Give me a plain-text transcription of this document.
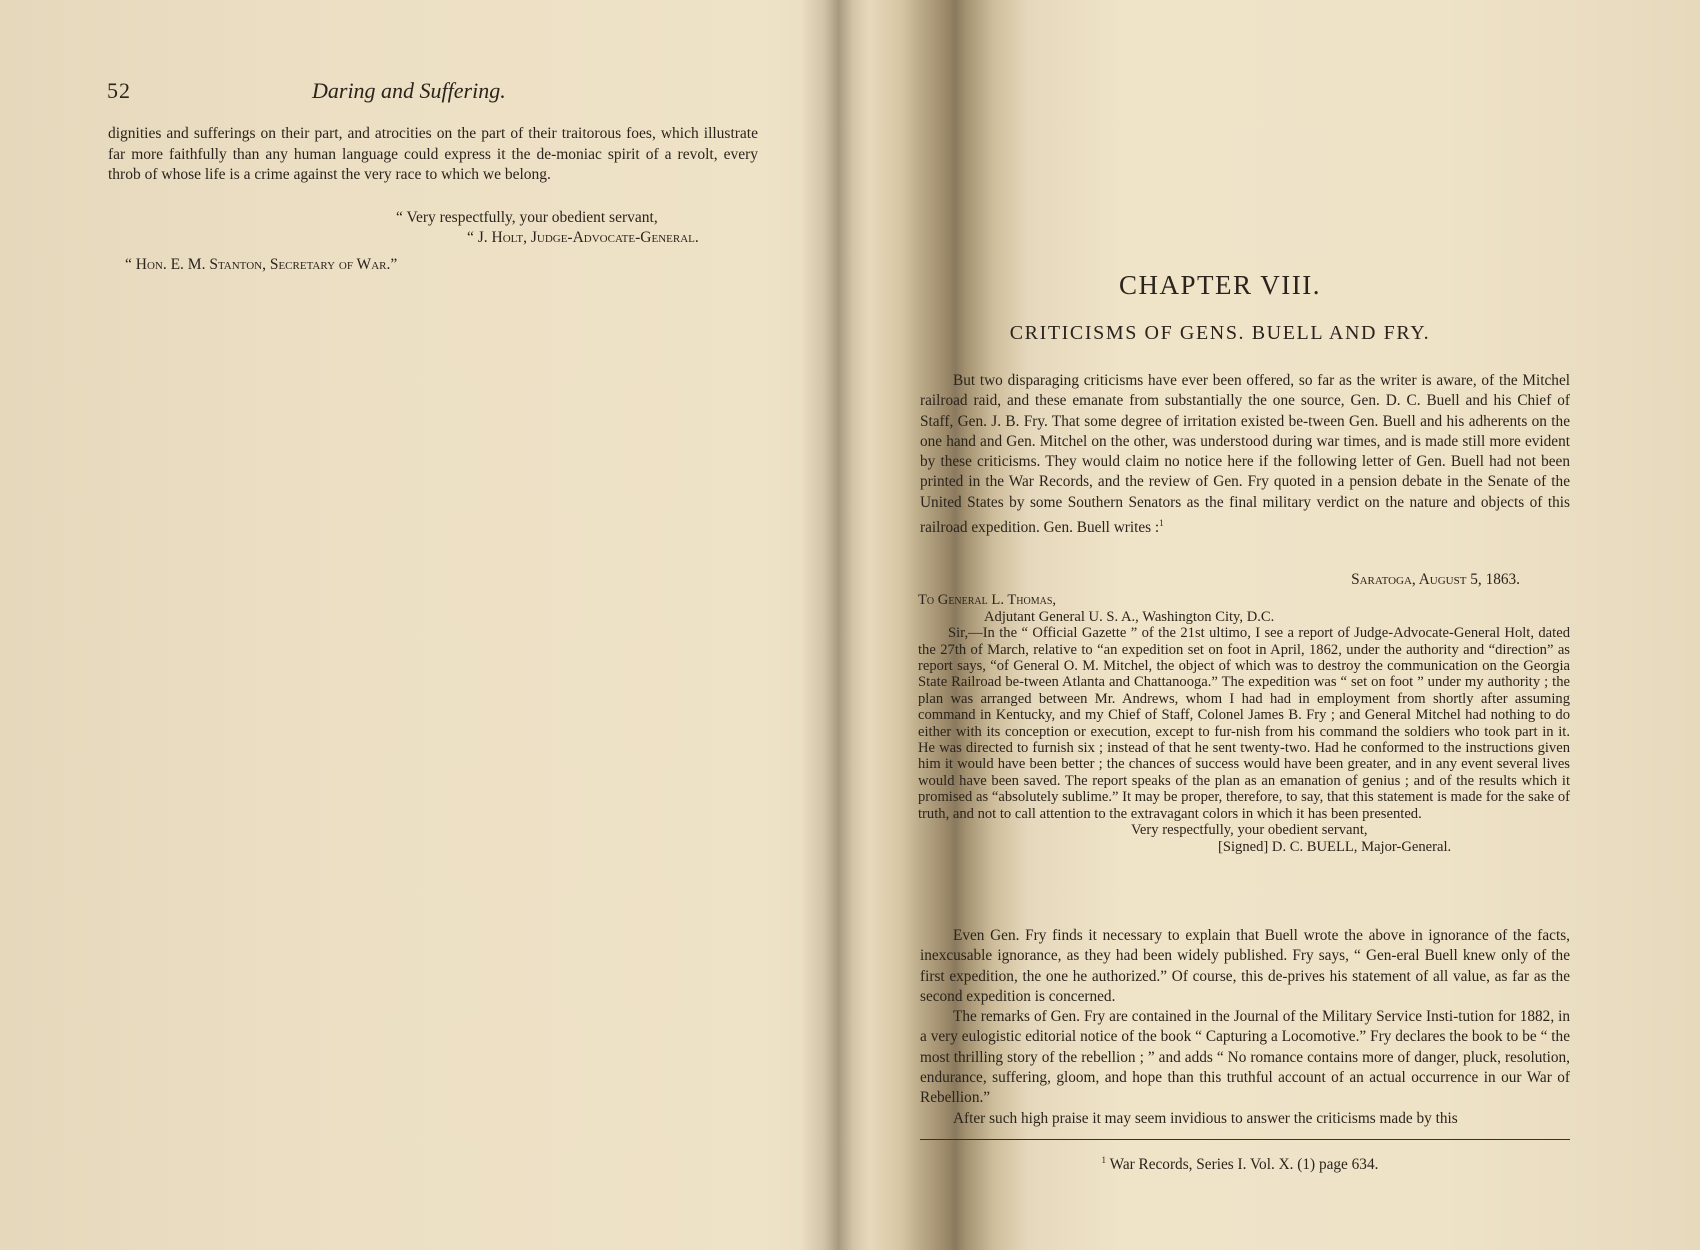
52	Daring and Suffering.

dignities and sufferings on their part, and atrocities on the part of their traitorous foes, which illustrate far more faithfully than any human language could express it the de-moniac spirit of a revolt, every throb of whose life is a crime against the very race to which we belong.

“ Very respectfully, your obedient servant,
“ J. Holt, Judge-Advocate-General.
“ Hon. E. M. Stanton, Secretary of War.”
CHAPTER VIII.
CRITICISMS OF GENS. BUELL AND FRY.

But two disparaging criticisms have ever been offered, so far as the writer is aware, of the Mitchel railroad raid, and these emanate from substantially the one source, Gen. D. C. Buell and his Chief of Staff, Gen. J. B. Fry. That some degree of irritation existed be-tween Gen. Buell and his adherents on the one hand and Gen. Mitchel on the other, was understood during war times, and is made still more evident by these criticisms. They would claim no notice here if the following letter of Gen. Buell had not been printed in the War Records, and the review of Gen. Fry quoted in a pension debate in the Senate of the United States by some Southern Senators as the final military verdict on the nature and objects of this railroad expedition. Gen. Buell writes :$^1$

Saratoga, August 5, 1863.

To General L. Thomas,

Adjutant General U. S. A., Washington City, D.C.

Sir,—In the “ Official Gazette ” of the 21st ultimo, I see a report of Judge-Advocate-General Holt, dated the 27th of March, relative to “an expedition set on foot in April, 1862, under the authority and “direction” as report says, “of General O. M. Mitchel, the object of which was to destroy the communication on the Georgia State Railroad be-tween Atlanta and Chattanooga.” The expedition was “ set on foot ” under my authority ; the plan was arranged between Mr. Andrews, whom I had had in employment from shortly after assuming command in Kentucky, and my Chief of Staff, Colonel James B. Fry ; and General Mitchel had nothing to do either with its conception or execution, except to fur-nish from his command the soldiers who took part in it. He was directed to furnish six ; instead of that he sent twenty-two. Had he conformed to the instructions given him it would have been better ; the chances of success would have been greater, and in any event several lives would have been saved. The report speaks of the plan as an emanation of genius ; and of the results which it promised as “absolutely sublime.” It may be proper, therefore, to say, that this statement is made for the sake of truth, and not to call attention to the extravagant colors in which it has been presented.

Very respectfully, your obedient servant,

[Signed] D. C. BUELL, Major-General.

Even Gen. Fry finds it necessary to explain that Buell wrote the above in ignorance of the facts, inexcusable ignorance, as they had been widely published. Fry says, “ Gen-eral Buell knew only of the first expedition, the one he authorized.” Of course, this de-prives his statement of all value, as far as the second expedition is concerned.

The remarks of Gen. Fry are contained in the Journal of the Military Service Insti-tution for 1882, in a very eulogistic editorial notice of the book “ Capturing a Locomotive.” Fry declares the book to be “ the most thrilling story of the rebellion ; ” and adds “ No romance contains more of danger, pluck, resolution, endurance, suffering, gloom, and hope than this truthful account of an actual occurrence in our War of Rebellion.”

After such high praise it may seem invidious to answer the criticisms made by this

$^1$ War Records, Series I. Vol. X. (1) page 634.
